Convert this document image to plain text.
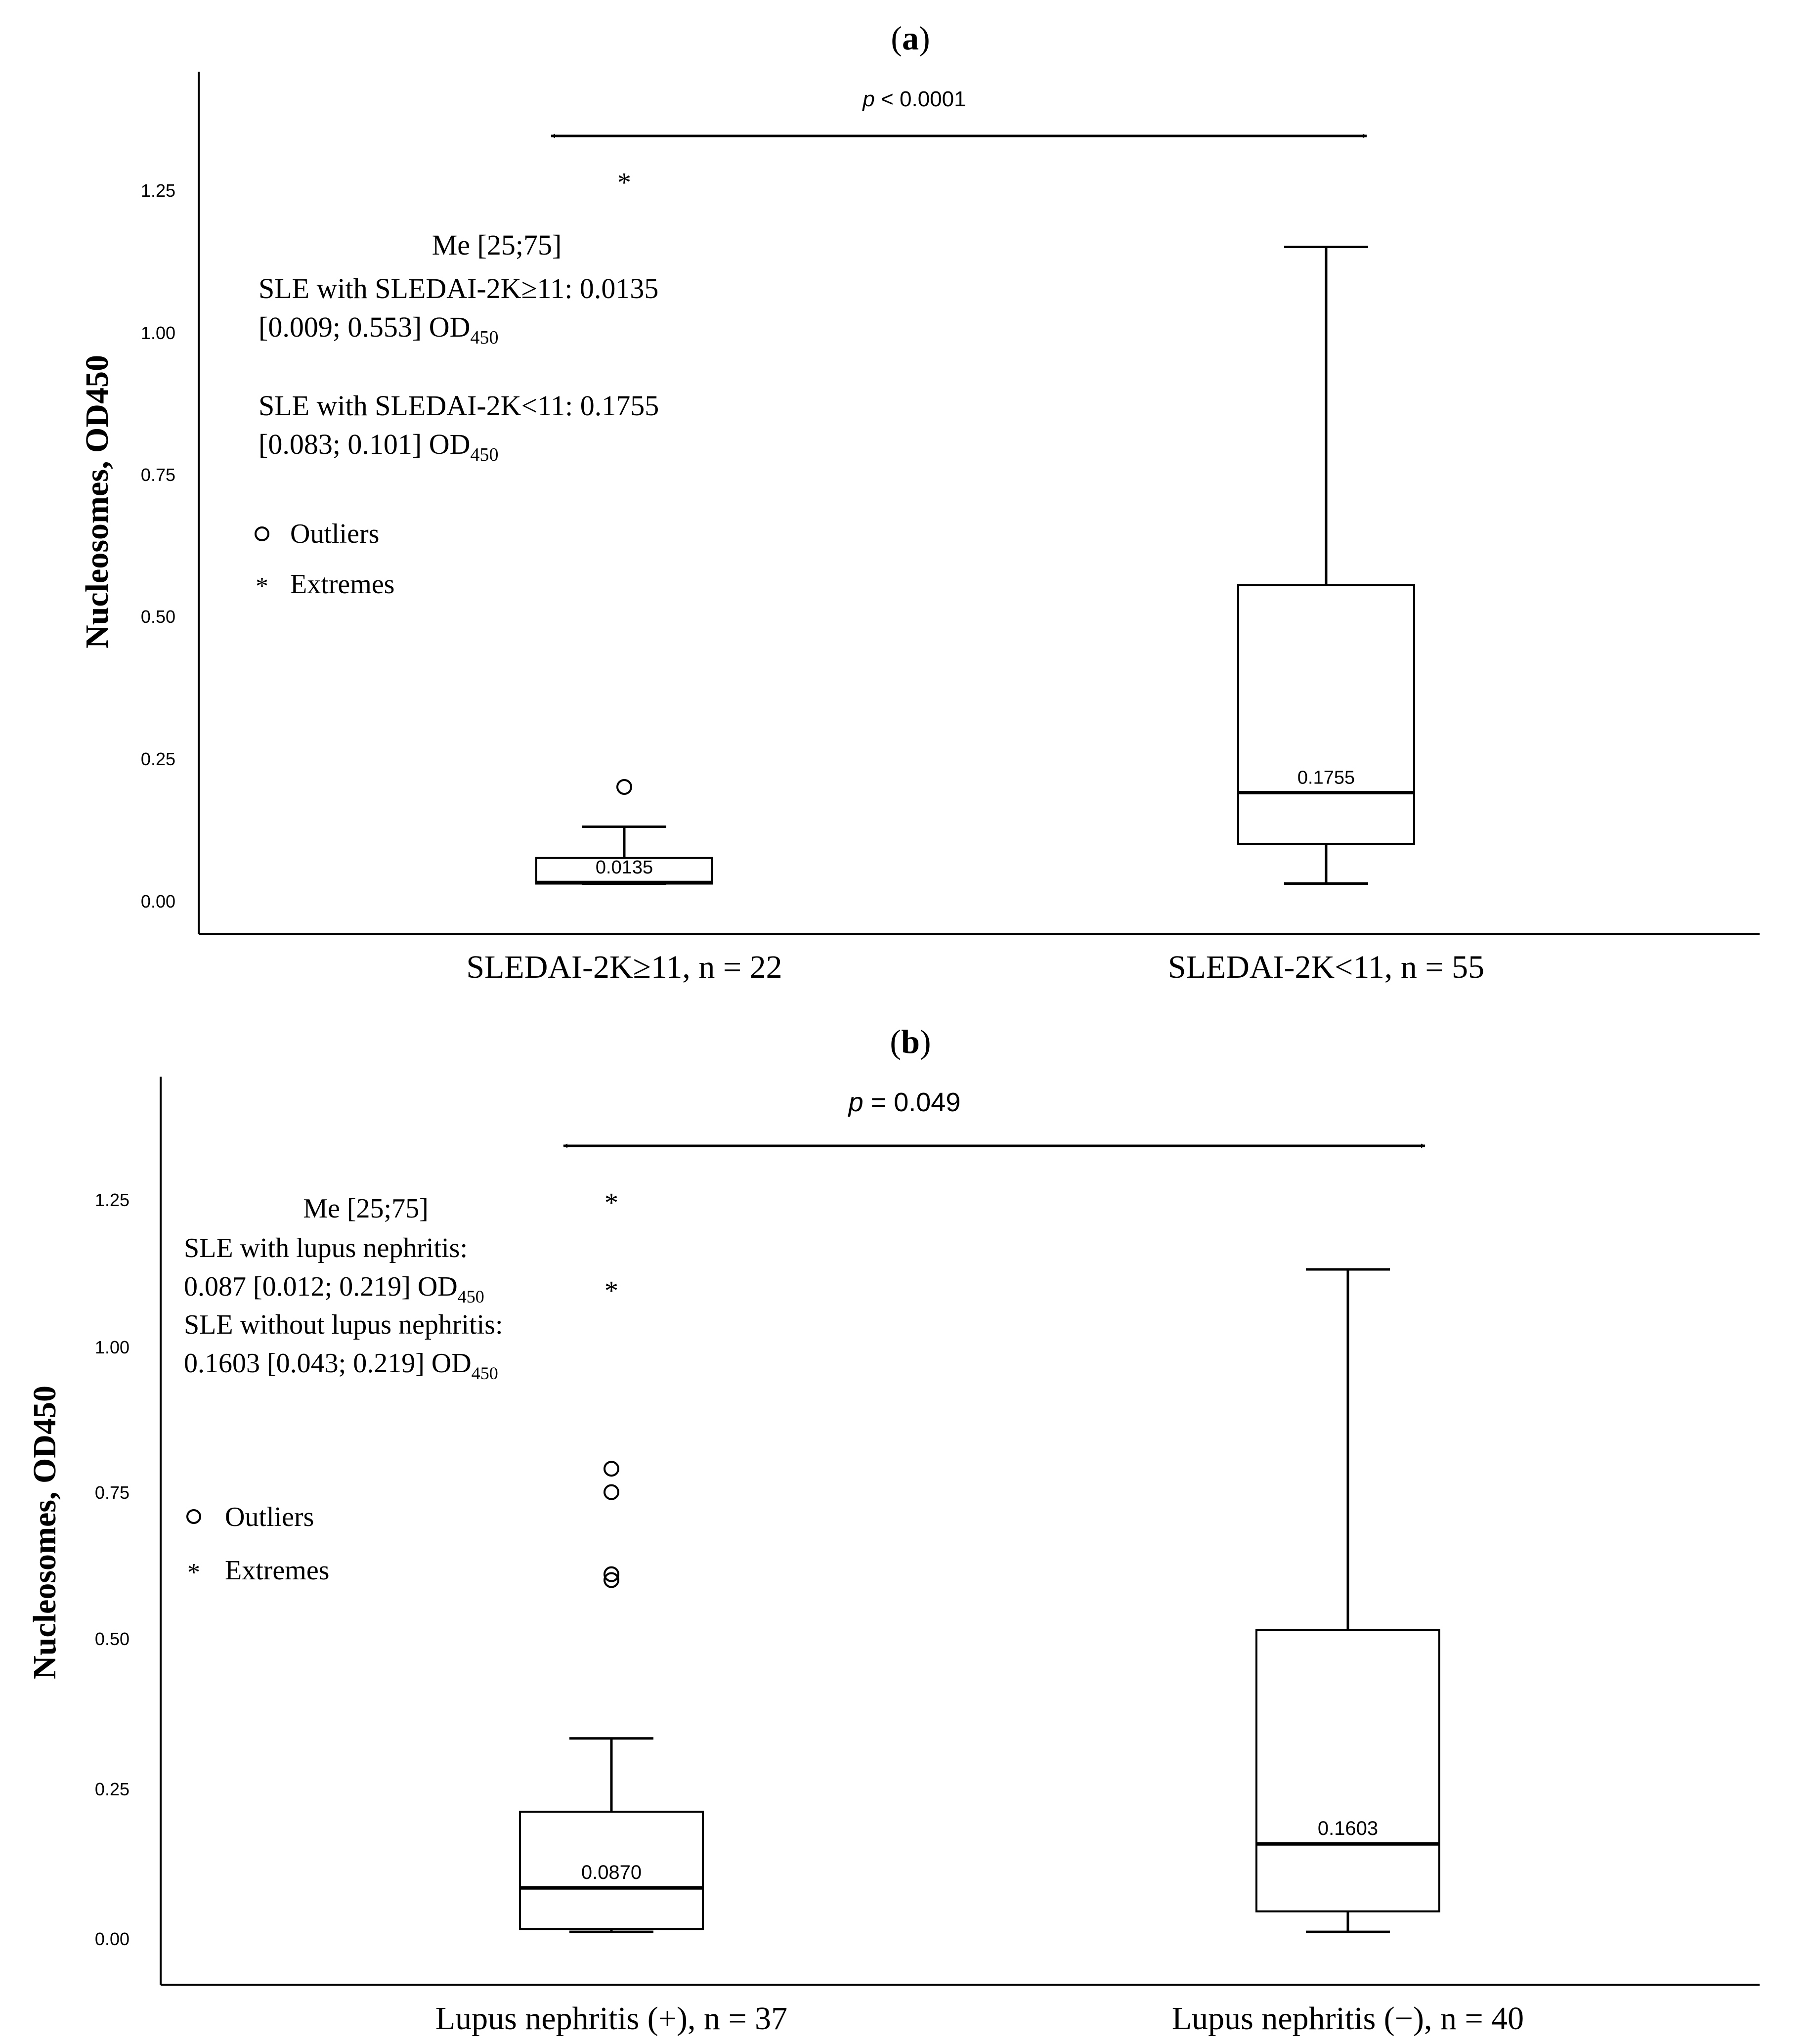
(a)
Nucleosomes, OD450
0.00
0.25
0.50
0.75
1.00
1.25
p < 0.0001
Me [25;75]
SLE with SLEDAI-2K≥11: 0.0135
[0.009; 0.553] $OD_{450}$
SLE with SLEDAI-2K<11: 0.1755
[0.083; 0.101] $OD_{450}$
Outliers
* Extremes
0.0135
*
0.1755
SLEDAI-2K≥11, n = 22	SLEDAI-2K<11, n = 55
(b)
Nucleosomes, OD450
0.00
0.25
0.50
0.75
1.00
1.25
p = 0.049
Me [25;75]
SLE with lupus nephritis:
0.087 [0.012; 0.219] $OD_{450}$
SLE without lupus nephritis:
0.1603 [0.043; 0.219] $OD_{450}$
Outliers
* Extremes
0.0870
*
*
0.1603
Lupus nephritis (+), n = 37	Lupus nephritis (−), n = 40
